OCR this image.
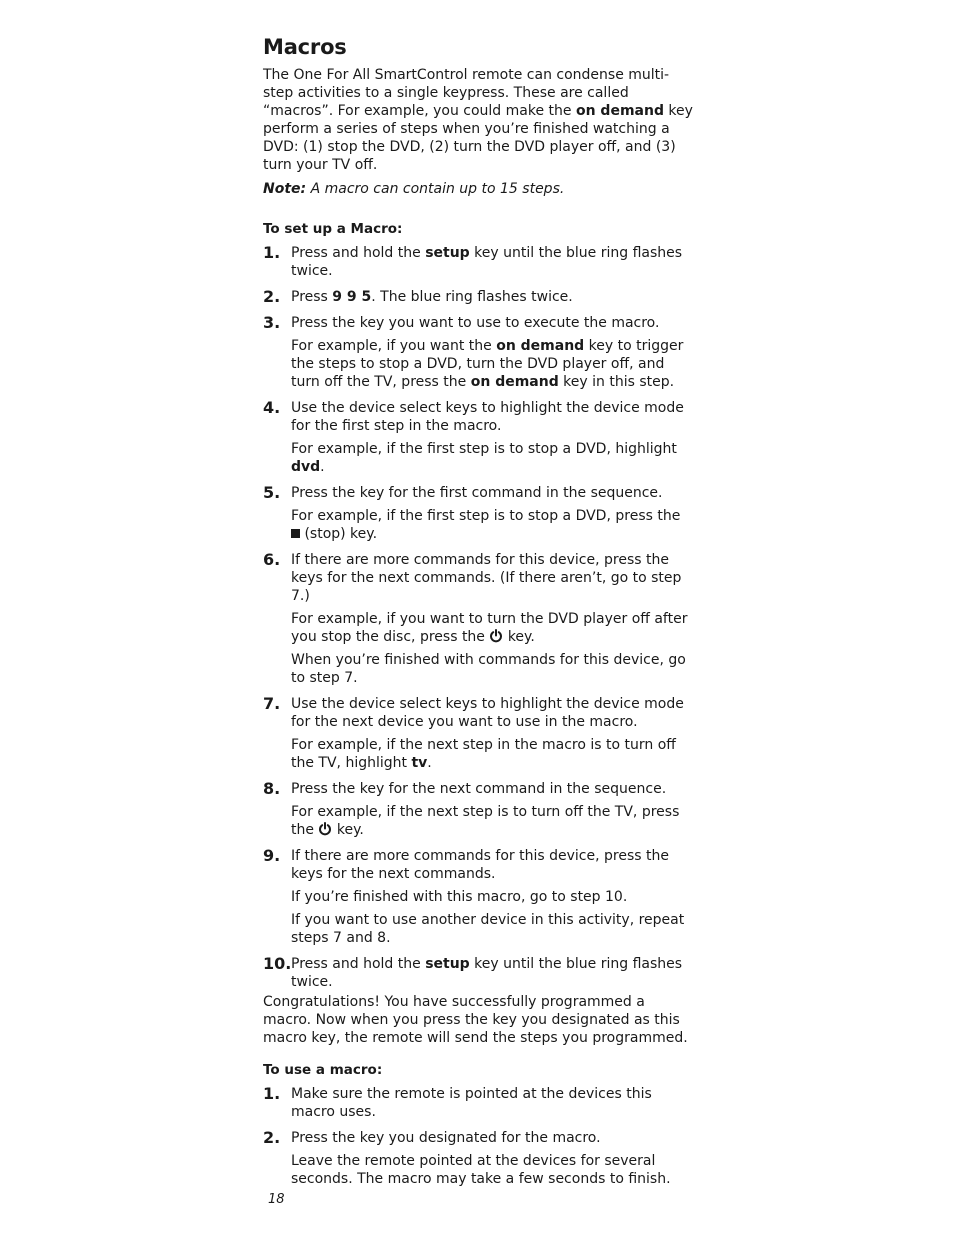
Macros

The One For All SmartControl remote can condense multi-step activities to a single keypress. These are called “macros”. For example, you could make the on demand key perform a series of steps when you’re finished watching a DVD: (1) stop the DVD, (2) turn the DVD player off, and (3) turn your TV off.

Note: A macro can contain up to 15 steps.

To set up a Macro:
1. Press and hold the setup key until the blue ring flashes twice.

2. Press 9 9 5. The blue ring flashes twice.

3. Press the key you want to use to execute the macro.

For example, if you want the on demand key to trigger the steps to stop a DVD, turn the DVD player off, and turn off the TV, press the on demand key in this step.

4. Use the device select keys to highlight the device mode for the first step in the macro.

For example, if the first step is to stop a DVD, highlight dvd.

5. Press the key for the first command in the sequence.

For example, if the first step is to stop a DVD, press the  (stop) key.

6. If there are more commands for this device, press the keys for the next commands. (If there aren’t, go to step 7.)

For example, if you want to turn the DVD player off after you stop the disc, press the  key.

When you’re finished with commands for this device, go to step 7.

7. Use the device select keys to highlight the device mode for the next device you want to use in the macro.

For example, if the next step in the macro is to turn off the TV, highlight tv.

8. Press the key for the next command in the sequence.

For example, if the next step is to turn off the TV, press the  key.

9. If there are more commands for this device, press the keys for the next commands.

If you’re finished with this macro, go to step 10.

If you want to use another device in this activity, repeat steps 7 and 8.

10. Press and hold the setup key until the blue ring flashes twice.

Congratulations! You have successfully programmed a macro. Now when you press the key you designated as this macro key, the remote will send the steps you programmed.

To use a macro:
1. Make sure the remote is pointed at the devices this macro uses.

2. Press the key you designated for the macro.

Leave the remote pointed at the devices for several seconds. The macro may take a few seconds to finish.

18
